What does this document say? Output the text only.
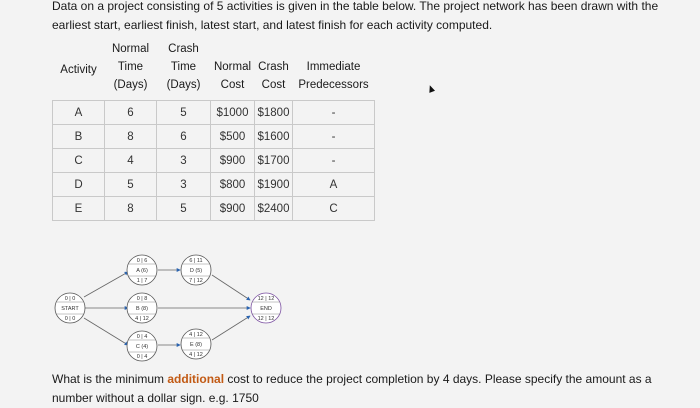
Data on a project consisting of 5 activities is given in the table below. The project network has been drawn with the earliest start, earliest finish, latest start, and latest finish for each activity computed.
Activity	Normal	Crash	Normal	Crash	Immediate
	Time	Time			
	(Days)	(Days)	Cost	Cost	Predecessors
A	6	5	$1000	$1800	-
B	8	6	$500	$1600	-
C	4	3	$900	$1700	-
D	5	3	$800	$1900	A
E	8	5	$900	$2400	C
0 | 0
START
0 | 0
0 | 6
A (6)
1 | 7
0 | 8
B (8)
4 | 12
0 | 4
C (4)
0 | 4
6 | 11
D (5)
7 | 12
4 | 12
E (8)
4 | 12
12 | 12
END
12 | 12
What is the minimum additional cost to reduce the project completion by 4 days. Please specify the amount as a number without a dollar sign. e.g. 1750
